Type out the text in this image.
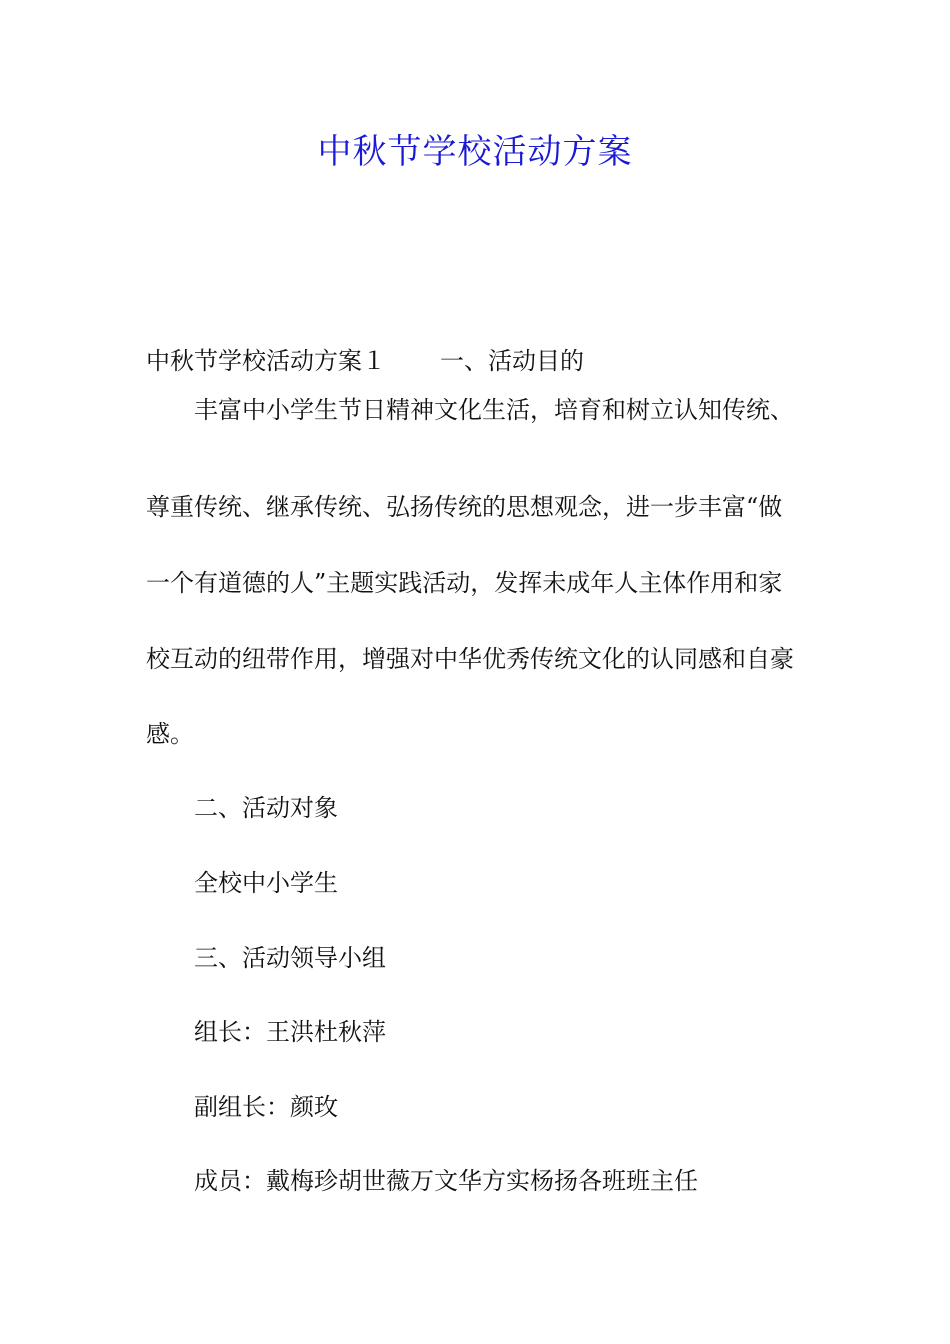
中秋节学校活动方案

中秋节学校活动方案１ 一、活动目的

丰富中小学生节日精神文化生活，培育和树立认知传统、

尊重传统、继承传统、弘扬传统的思想观念，进一步丰富“做

一个有道德的人”主题实践活动，发挥未成年人主体作用和家

校互动的纽带作用，增强对中华优秀传统文化的认同感和自豪

感。

二、活动对象

全校中小学生

三、活动领导小组

组长：王洪杜秋萍

副组长：颜玫

成员：戴梅珍胡世薇万文华方实杨扬各班班主任
